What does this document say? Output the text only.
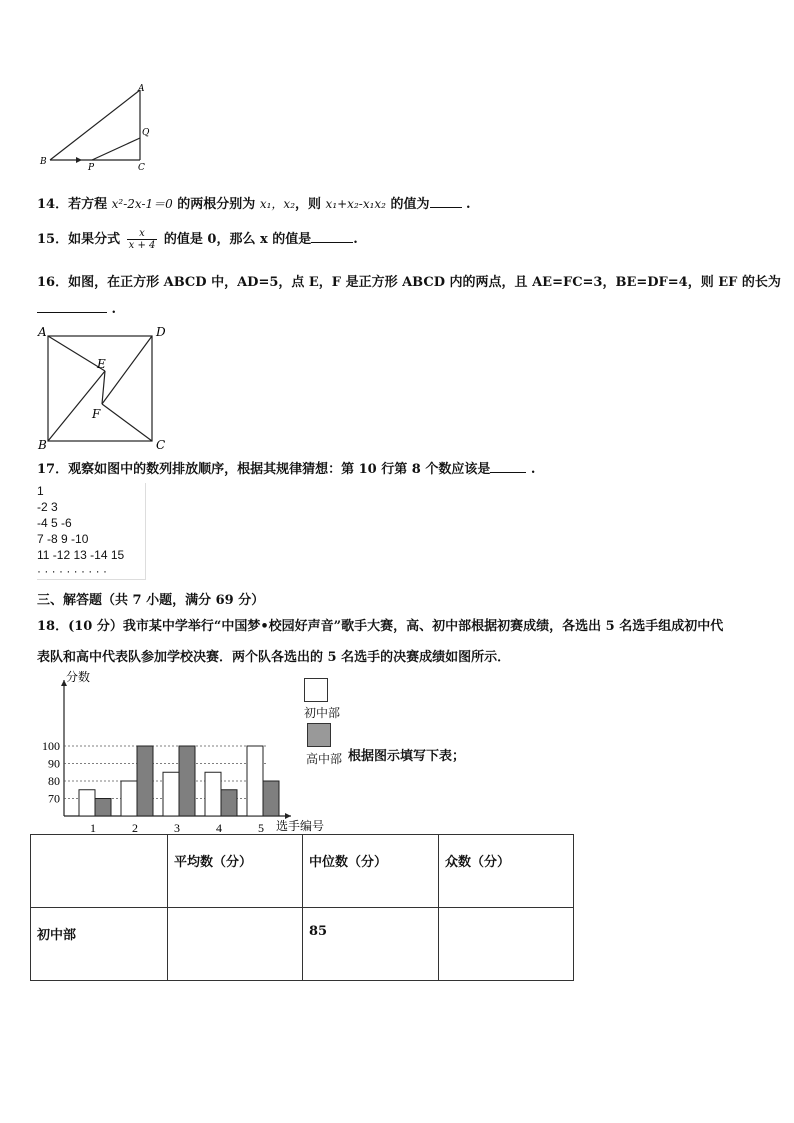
A
Q
B
P	C
14．若方程 x²-2x-1＝0 的两根分别为 x₁，x₂，则 x₁+x₂-x₁x₂ 的值为 .
15．如果分式 $\frac{x}{x + 4}$ 的值是 0，那么 x 的值是	.
16．如图，在正方形 ABCD 中，AD=5，点 E，F 是正方形 ABCD 内的两点，且 AE=FC=3，BE=DF=4，则 EF 的长为
.
A	D
E
F
B	C
17．观察如图中的数列排放顺序，根据其规律猜想：第 10 行第 8 个数应该是	.
1
-2 3
-4 5 -6
7 -8 9 -10
11 -12 13 -14 15
· · · · · · · · · ·
三、解答题（共 7 小题，满分 69 分）
18．(10 分）我市某中学举行“中国梦•校园好声音”歌手大赛，高、初中部根据初赛成绩，各选出 5 名选手组成初中代
表队和高中代表队参加学校决赛．两个队各选出的 5 名选手的决赛成绩如图所示．
分数
选手编号
70
80
90
100
1	2	3	4	5
初中部
高中部 根据图示填写下表；
	平均数（分）	中位数（分）	众数（分）
初中部		85	
